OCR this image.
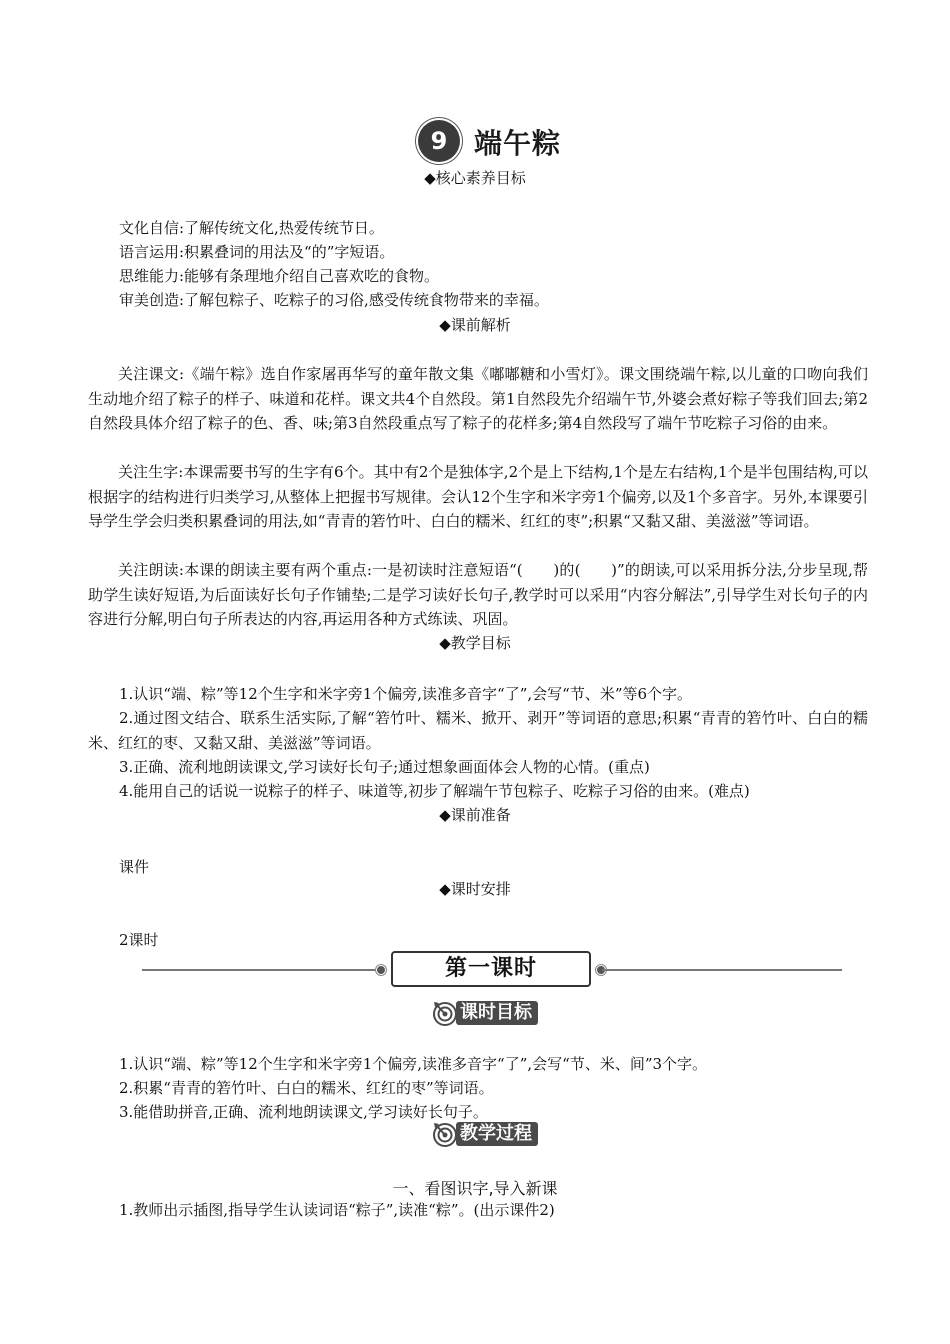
9 端午粽
◆核心素养目标

文化自信:了解传统文化,热爱传统节日。

语言运用:积累叠词的用法及“的”字短语。

思维能力:能够有条理地介绍自己喜欢吃的食物。

审美创造:了解包粽子、吃粽子的习俗,感受传统食物带来的幸福。

◆课前解析

关注课文:《端午粽》选自作家屠再华写的童年散文集《嘟嘟糖和小雪灯》。课文围绕端午粽,以儿童的口吻向我们生动地介绍了粽子的样子、味道和花样。课文共4个自然段。第1自然段先介绍端午节,外婆会煮好粽子等我们回去;第2自然段具体介绍了粽子的色、香、味;第3自然段重点写了粽子的花样多;第4自然段写了端午节吃粽子习俗的由来。

关注生字:本课需要书写的生字有6个。其中有2个是独体字,2个是上下结构,1个是左右结构,1个是半包围结构,可以根据字的结构进行归类学习,从整体上把握书写规律。会认12个生字和米字旁1个偏旁,以及1个多音字。另外,本课要引导学生学会归类积累叠词的用法,如“青青的箬竹叶、白白的糯米、红红的枣”;积累“又黏又甜、美滋滋”等词语。

关注朗读:本课的朗读主要有两个重点:一是初读时注意短语“(　　)的(　　)”的朗读,可以采用拆分法,分步呈现,帮助学生读好短语,为后面读好长句子作铺垫;二是学习读好长句子,教学时可以采用“内容分解法”,引导学生对长句子的内容进行分解,明白句子所表达的内容,再运用各种方式练读、巩固。

◆教学目标

1.认识“端、粽”等12个生字和米字旁1个偏旁,读准多音字“了”,会写“节、米”等6个字。

2.通过图文结合、联系生活实际,了解“箬竹叶、糯米、掀开、剥开”等词语的意思;积累“青青的箬竹叶、白白的糯米、红红的枣、又黏又甜、美滋滋”等词语。

3.正确、流利地朗读课文,学习读好长句子;通过想象画面体会人物的心情。(重点)

4.能用自己的话说一说粽子的样子、味道等,初步了解端午节包粽子、吃粽子习俗的由来。(难点)

◆课前准备

课件

◆课时安排

2课时

第一课时
课时目标

1.认识“端、粽”等12个生字和米字旁1个偏旁,读准多音字“了”,会写“节、米、间”3个字。

2.积累“青青的箬竹叶、白白的糯米、红红的枣”等词语。

3.能借助拼音,正确、流利地朗读课文,学习读好长句子。

教学过程
一、看图识字,导入新课

1.教师出示插图,指导学生认读词语“粽子”,读准“粽”。(出示课件2)
